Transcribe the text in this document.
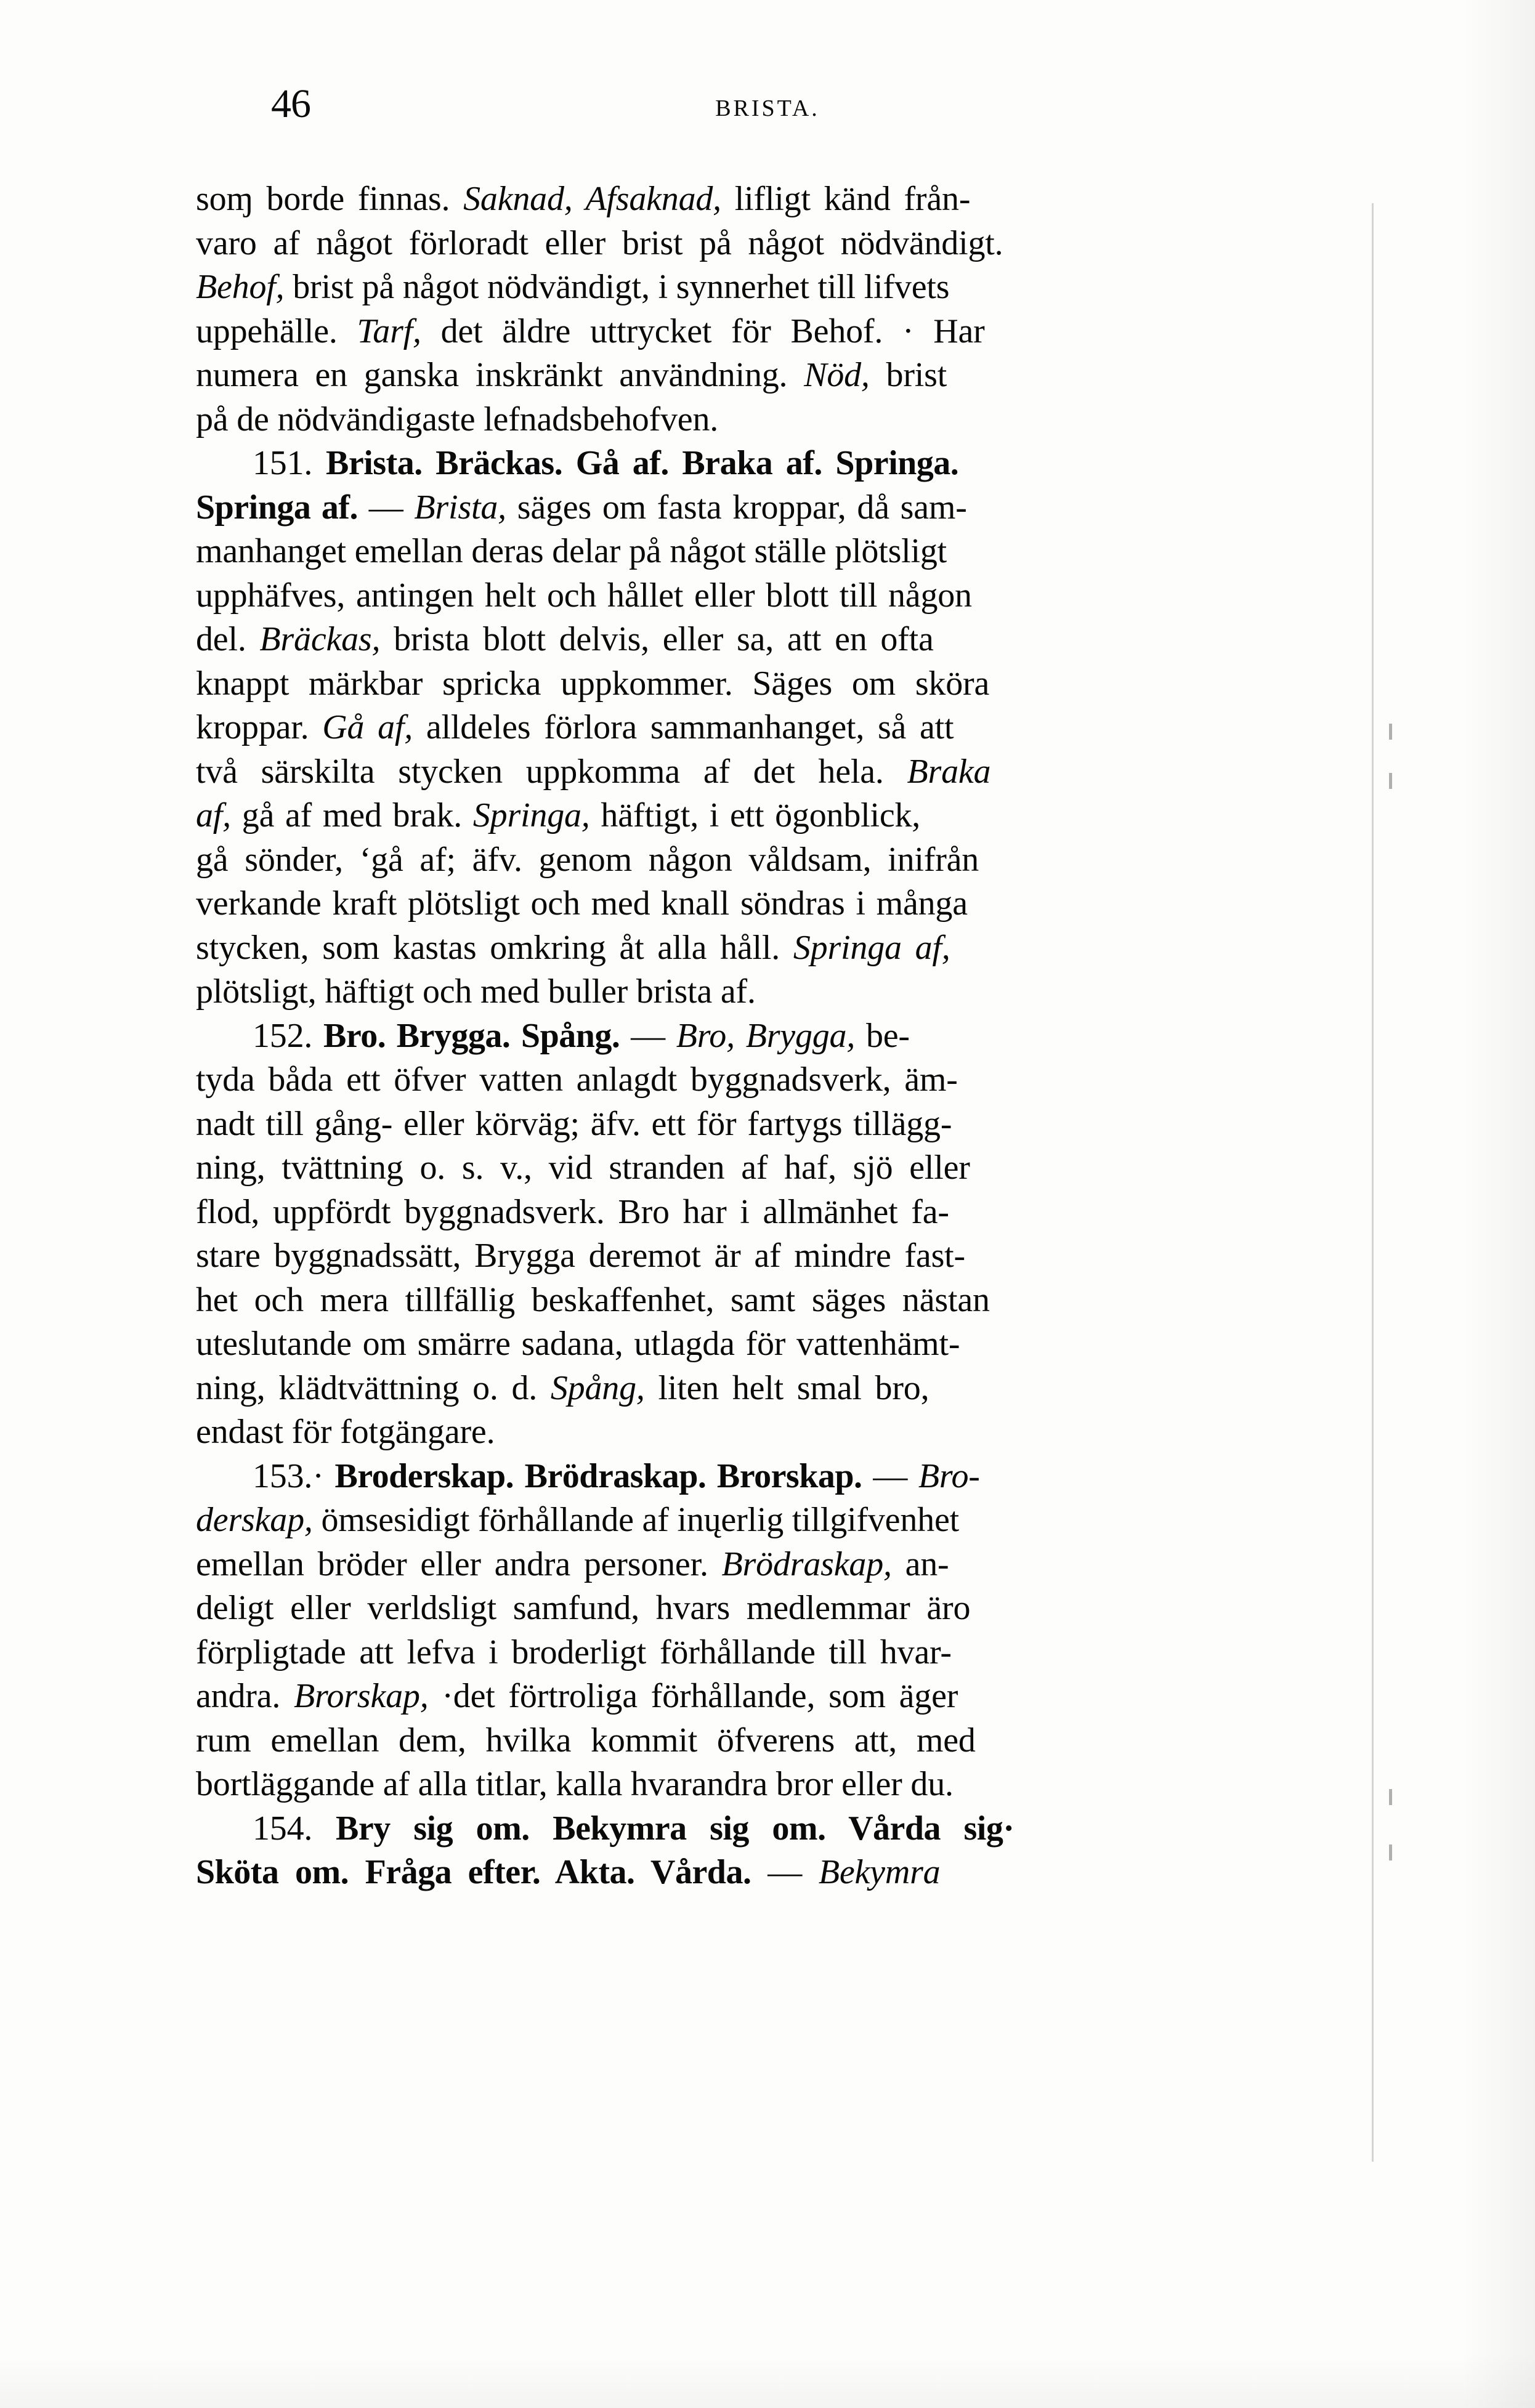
46	BRISTA.
soɱ borde finnas. Saknad, Afsaknad, lifligt känd från-
varo af något förloradt eller brist på något nödvändigt.
Behof, brist på något nödvändigt, i synnerhet till lifvets
uppehälle. Tarf, det äldre uttrycket för Behof. · Har
numera en ganska inskränkt användning. Nöd, brist
på de nödvändigaste lefnadsbehofven.
151. Brista. Bräckas. Gå af. Braka af. Springa.
Springa af. — Brista, säges om fasta kroppar, då sam-
manhanget emellan deras delar på något ställe plötsligt
upphäfves, antingen helt och hållet eller blott till någon
del. Bräckas, brista blott delvis, eller sa, att en ofta
knappt märkbar spricka uppkommer. Säges om sköra
kroppar. Gå af, alldeles förlora sammanhanget, så att
två särskilta stycken uppkomma af det hela. Braka
af, gå af med brak. Springa, häftigt, i ett ögonblick,
gå sönder, ‘gå af; äfv. genom någon våldsam, inifrån
verkande kraft plötsligt och med knall söndras i många
stycken, som kastas omkring åt alla håll. Springa af,
plötsligt, häftigt och med buller brista af.
152. Bro. Brygga. Spång. — Bro, Brygga, be-
tyda båda ett öfver vatten anlagdt byggnadsverk, äm-
nadt till gång- eller körväg; äfv. ett för fartygs tillägg-
ning, tvättning o. s. v., vid stranden af haf, sjö eller
flod, uppfördt byggnadsverk. Bro har i allmänhet fa-
stare byggnadssätt, Brygga deremot är af mindre fast-
het och mera tillfällig beskaffenhet, samt säges nästan
uteslutande om smärre sadana, utlagda för vattenhämt-
ning, klädtvättning o. d. Spång, liten helt smal bro,
endast för fotgängare.
153.· Broderskap. Brödraskap. Brorskap. — Bro-
derskap, ömsesidigt förhållande af inųerlig tillgifvenhet
emellan bröder eller andra personer. Brödraskap, an-
deligt eller verldsligt samfund, hvars medlemmar äro
förpligtade att lefva i broderligt förhållande till hvar-
andra. Brorskap, ·det förtroliga förhållande, som äger
rum emellan dem, hvilka kommit öfverens att, med
bortläggande af alla titlar, kalla hvarandra bror eller du.
154. Bry sig om. Bekymra sig om. Vårda sig·
Sköta om. Fråga efter. Akta. Vårda. — Bekymra
